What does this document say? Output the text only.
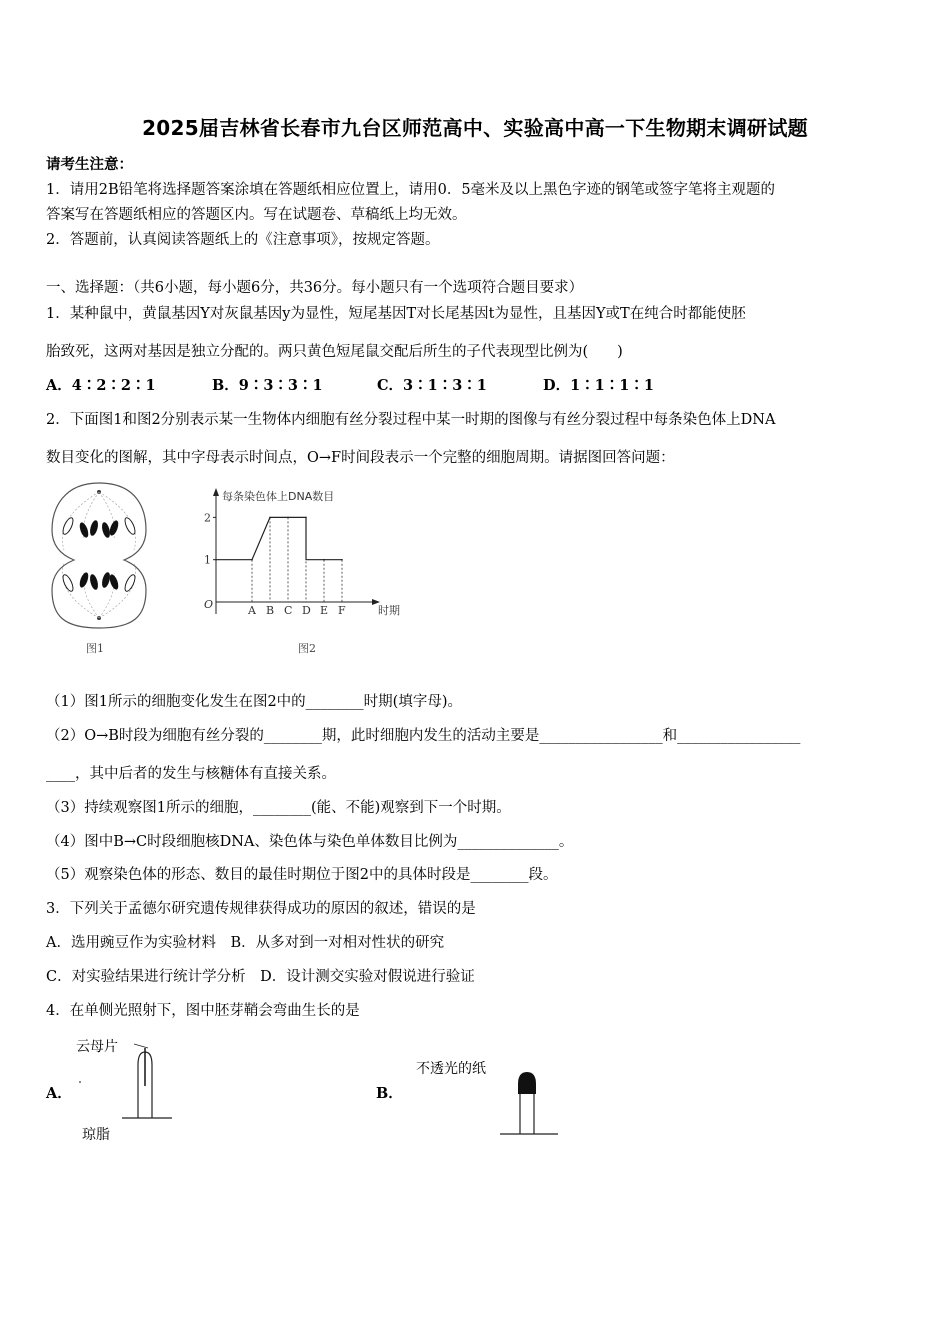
2025届吉林省长春市九台区师范高中、实验高中高一下生物期末调研试题
请考生注意：
1．请用2B铅笔将选择题答案涂填在答题纸相应位置上，请用0．5毫米及以上黑色字迹的钢笔或签字笔将主观题的
答案写在答题纸相应的答题区内。写在试题卷、草稿纸上均无效。
2．答题前，认真阅读答题纸上的《注意事项》，按规定答题。
一、选择题：（共6小题，每小题6分，共36分。每小题只有一个选项符合题目要求）
1．某种鼠中，黄鼠基因Y对灰鼠基因y为显性，短尾基因T对长尾基因t为显性，且基因Y或T在纯合时都能使胚
胎致死，这两对基因是独立分配的。两只黄色短尾鼠交配后所生的子代表现型比例为(　　)
A．4∶2∶2∶1	B．9∶3∶3∶1	C．3∶1∶3∶1	D．1∶1∶1∶1
2．下面图1和图2分别表示某一生物体内细胞有丝分裂过程中某一时期的图像与有丝分裂过程中每条染色体上DNA
数目变化的图解，其中字母表示时间点，O→F时间段表示一个完整的细胞周期。请据图回答问题：
图1
每条染色体上DNA数目
时期
O
1
2
A B C D E F
图2
（1）图1所示的细胞变化发生在图2中的________时期(填字母)。
（2）O→B时段为细胞有丝分裂的________期，此时细胞内发生的活动主要是_________________和_________________
____，其中后者的发生与核糖体有直接关系。
（3）持续观察图1所示的细胞，________(能、不能)观察到下一个时期。
（4）图中B→C时段细胞核DNA、染色体与染色单体数目比例为______________。
（5）观察染色体的形态、数目的最佳时期位于图2中的具体时段是________段。
3．下列关于孟德尔研究遗传规律获得成功的原因的叙述，错误的是
A．选用豌豆作为实验材料　B．从多对到一对相对性状的研究
C．对实验结果进行统计学分析　D．设计测交实验对假说进行验证
4．在单侧光照射下，图中胚芽鞘会弯曲生长的是
A．
云母片
琼脂
B．
不透光的纸
